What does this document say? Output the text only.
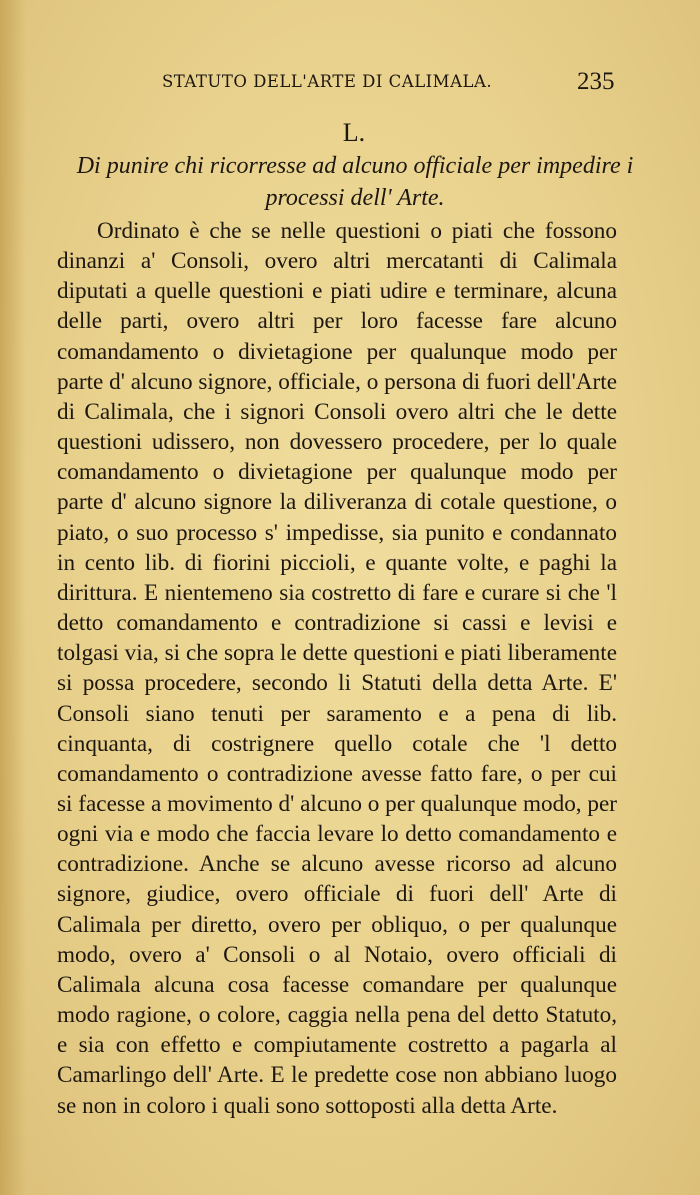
STATUTO DELL'ARTE DI CALIMALA.	235
L.
Di punire chi ricorresse ad alcuno officiale per impedire i processi dell' Arte.
Ordinato è che se nelle questioni o piati che fossono dinanzi a' Consoli, overo altri mercatanti di Calimala diputati a quelle questioni e piati udire e terminare, alcuna delle parti, overo altri per loro facesse fare alcuno comandamento o divietagione per qualunque modo per parte d' alcuno signore, officiale, o persona di fuori dell'Arte di Calimala, che i signori Consoli overo altri che le dette questioni udissero, non dovessero procedere, per lo quale comandamento o divietagione per qualunque modo per parte d' alcuno signore la diliveranza di cotale questione, o piato, o suo processo s' impedisse, sia punito e condannato in cento lib. di fiorini piccioli, e quante volte, e paghi la dirittura. E nientemeno sia costretto di fare e curare si che 'l detto comandamento e contradizione si cassi e levisi e tolgasi via, si che sopra le dette questioni e piati liberamente si possa procedere, secondo li Statuti della detta Arte. E' Consoli siano tenuti per saramento e a pena di lib. cinquanta, di costrignere quello cotale che 'l detto comandamento o contradizione avesse fatto fare, o per cui si facesse a movimento d' alcuno o per qualunque modo, per ogni via e modo che faccia levare lo detto comandamento e contradizione. Anche se alcuno avesse ricorso ad alcuno signore, giudice, overo officiale di fuori dell' Arte di Calimala per diretto, overo per obliquo, o per qualunque modo, overo a' Consoli o al Notaio, overo officiali di Calimala alcuna cosa facesse comandare per qualunque modo ragione, o colore, caggia nella pena del detto Statuto, e sia con effetto e compiutamente costretto a pagarla al Camarlingo dell' Arte. E le predette cose non abbiano luogo se non in coloro i quali sono sottoposti alla detta Arte.
